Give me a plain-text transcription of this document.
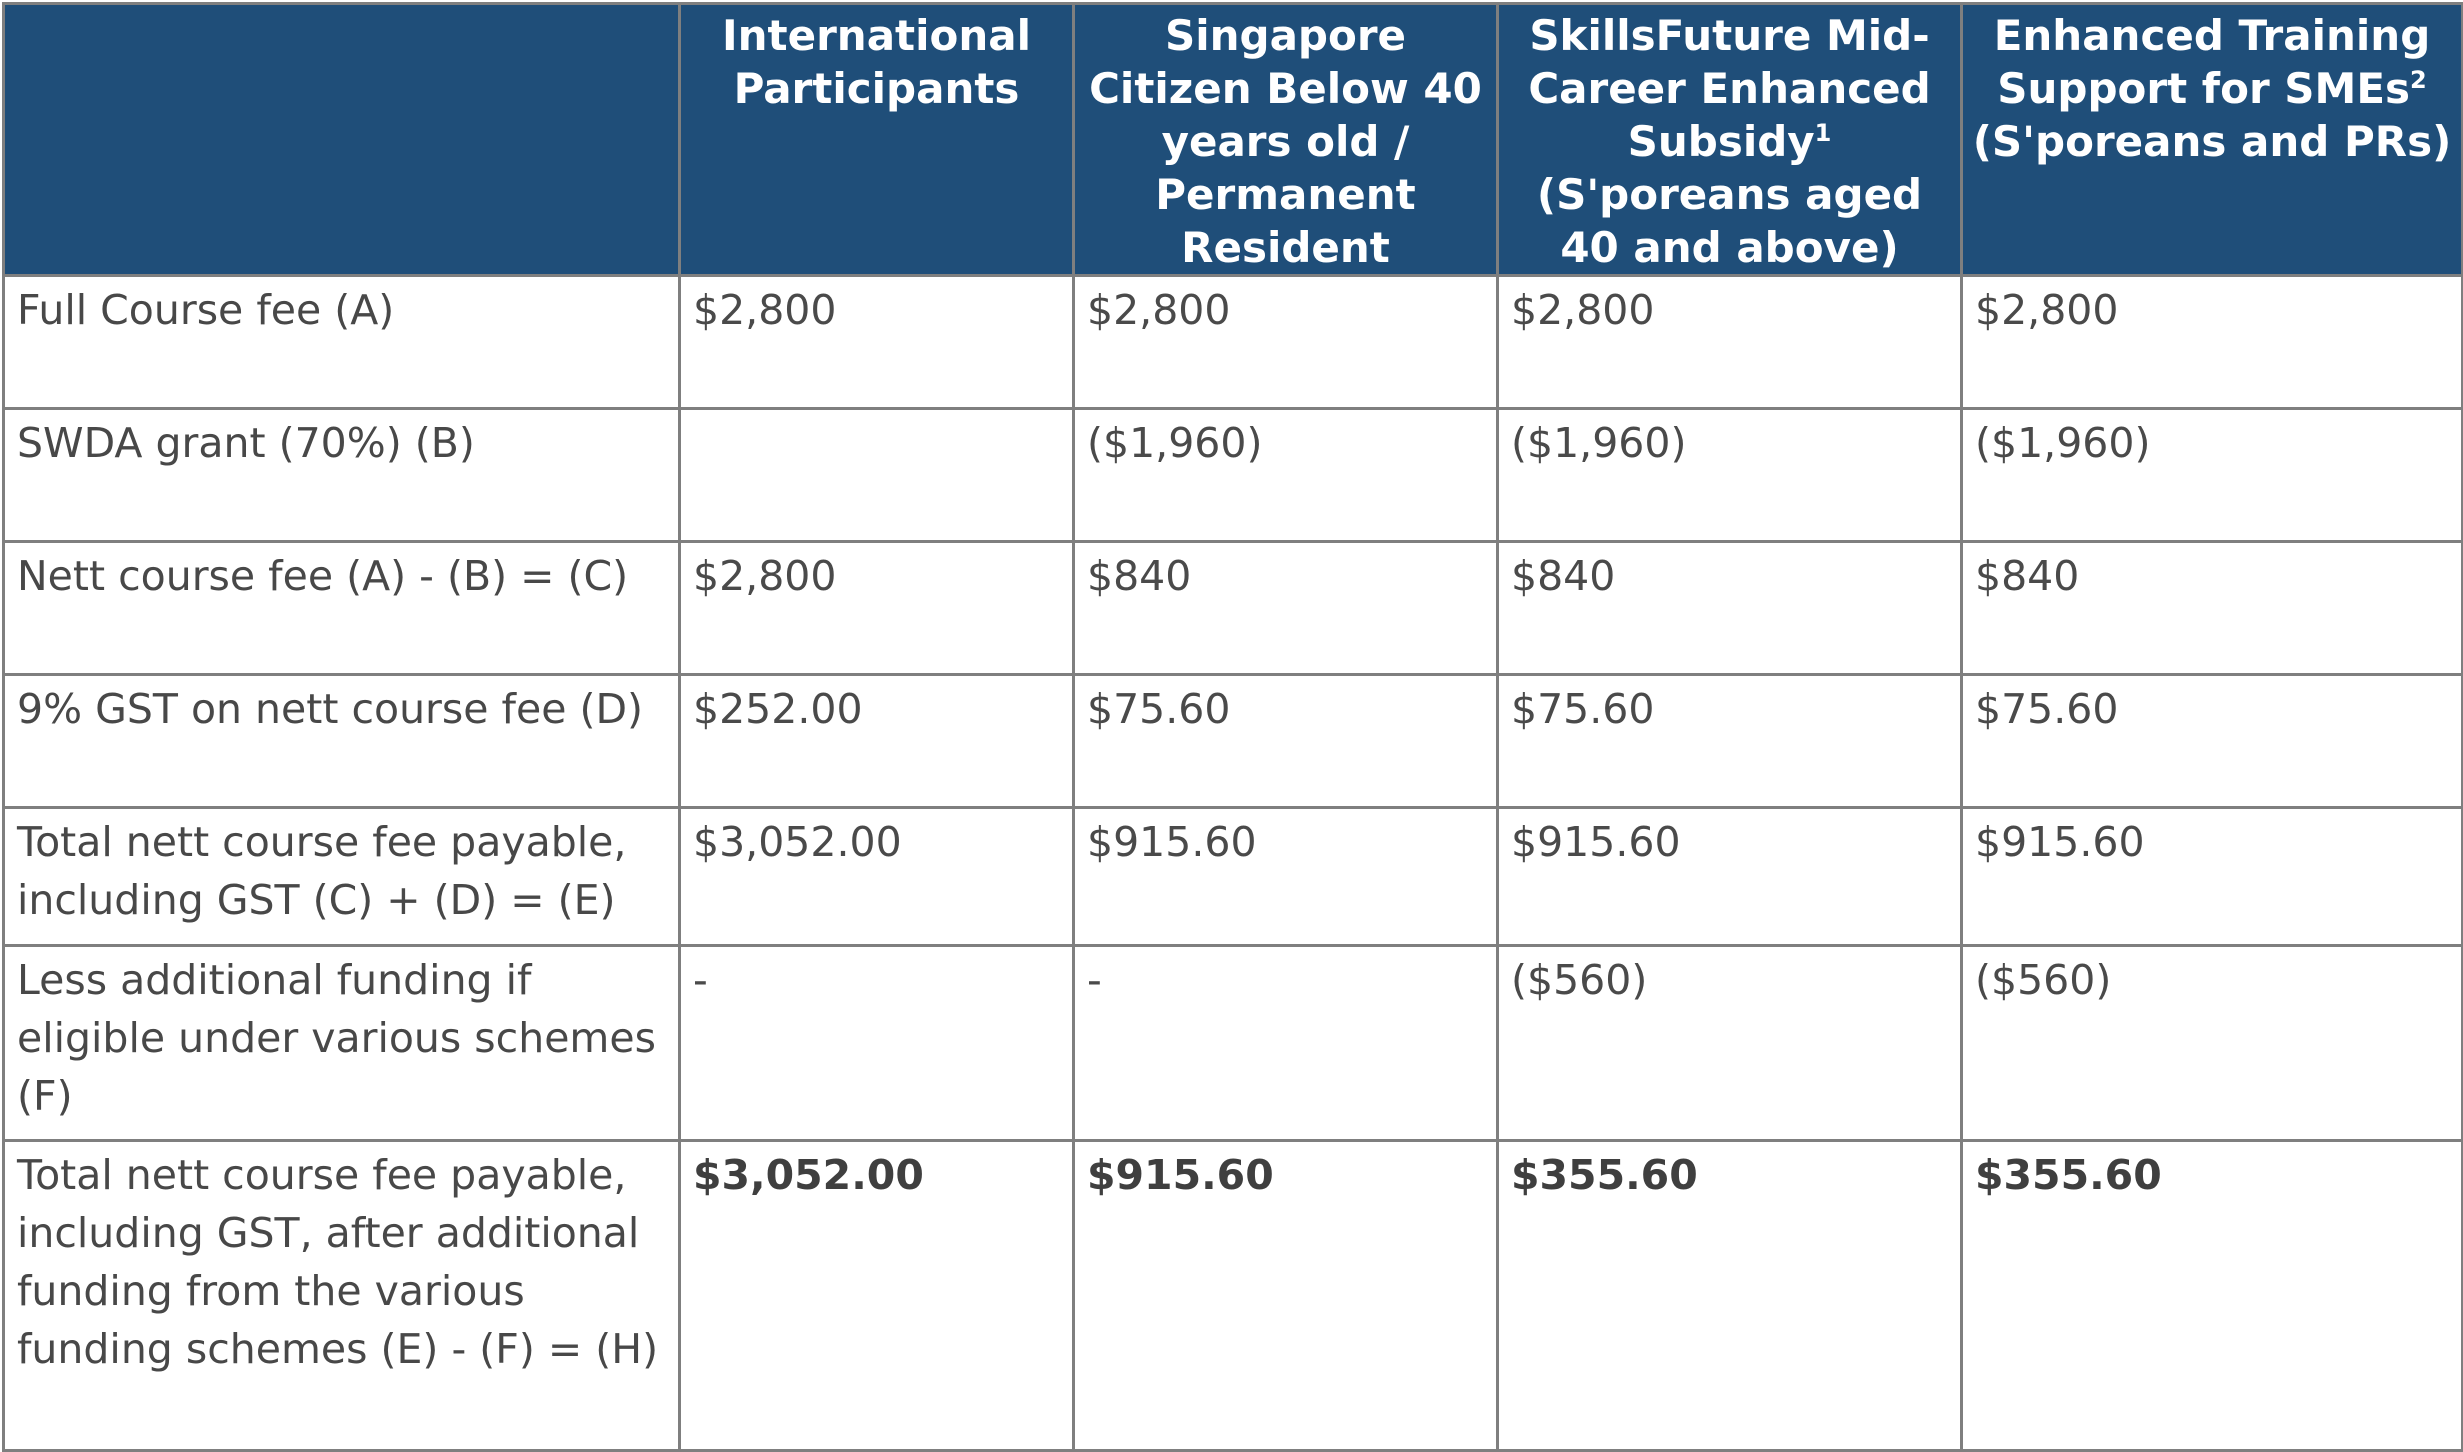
	International Participants	Singapore Citizen Below 40 years old / Permanent Resident	SkillsFuture Mid-Career Enhanced Subsidy$^1$ (S'poreans aged 40 and above)	Enhanced Training Support for SMEs$^2$
(S'poreans and PRs)
Full Course fee (A)	$2,800	$2,800	$2,800	$2,800
SWDA grant (70%) (B)		($1,960)	($1,960)	($1,960)
Nett course fee (A) - (B) = (C)	$2,800	$840	$840	$840
9% GST on nett course fee (D)	$252.00	$75.60	$75.60	$75.60
Total nett course fee payable, including GST (C) + (D) = (E)	$3,052.00	$915.60	$915.60	$915.60
Less additional funding if eligible under various schemes (F)	-	-	($560)	($560)
Total nett course fee payable, including GST, after additional funding from the various funding schemes (E) - (F) = (H)	$3,052.00	$915.60	$355.60	$355.60
